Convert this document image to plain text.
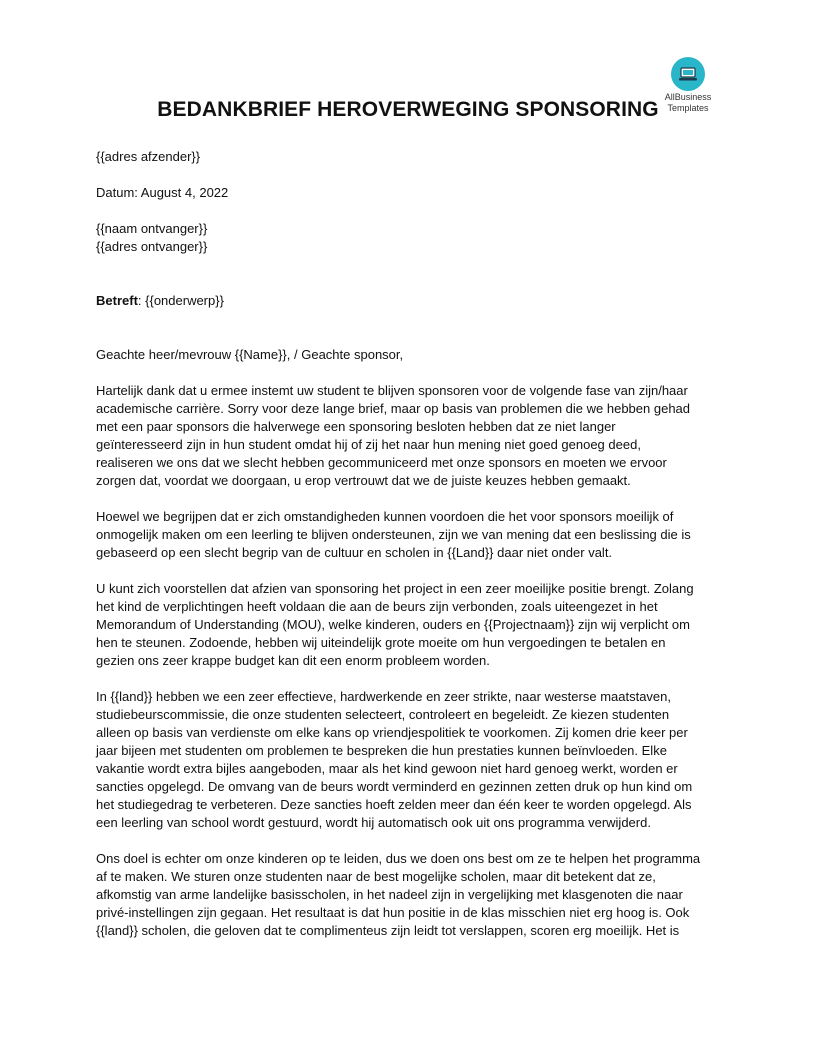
AllBusiness
Templates
BEDANKBRIEF HEROVERWEGING SPONSORING

{{adres afzender}}

Datum: August 4, 2022

{{naam ontvanger}}

{{adres ontvanger}}

Betreft: {{onderwerp}}

Geachte heer/mevrouw {{Name}}, / Geachte sponsor,

Hartelijk dank dat u ermee instemt uw student te blijven sponsoren voor de volgende fase van zijn/haar
academische carrière. Sorry voor deze lange brief, maar op basis van problemen die we hebben gehad
met een paar sponsors die halverwege een sponsoring besloten hebben dat ze niet langer
geïnteresseerd zijn in hun student omdat hij of zij het naar hun mening niet goed genoeg deed,
realiseren we ons dat we slecht hebben gecommuniceerd met onze sponsors en moeten we ervoor
zorgen dat, voordat we doorgaan, u erop vertrouwt dat we de juiste keuzes hebben gemaakt.

Hoewel we begrijpen dat er zich omstandigheden kunnen voordoen die het voor sponsors moeilijk of
onmogelijk maken om een leerling te blijven ondersteunen, zijn we van mening dat een beslissing die is
gebaseerd op een slecht begrip van de cultuur en scholen in {{Land}} daar niet onder valt.

U kunt zich voorstellen dat afzien van sponsoring het project in een zeer moeilijke positie brengt. Zolang
het kind de verplichtingen heeft voldaan die aan de beurs zijn verbonden, zoals uiteengezet in het
Memorandum of Understanding (MOU), welke kinderen, ouders en {{Projectnaam}} zijn wij verplicht om
hen te steunen. Zodoende, hebben wij uiteindelijk grote moeite om hun vergoedingen te betalen en
gezien ons zeer krappe budget kan dit een enorm probleem worden.

In {{land}} hebben we een zeer effectieve, hardwerkende en zeer strikte, naar westerse maatstaven,
studiebeurscommissie, die onze studenten selecteert, controleert en begeleidt. Ze kiezen studenten
alleen op basis van verdienste om elke kans op vriendjespolitiek te voorkomen. Zij komen drie keer per
jaar bijeen met studenten om problemen te bespreken die hun prestaties kunnen beïnvloeden. Elke
vakantie wordt extra bijles aangeboden, maar als het kind gewoon niet hard genoeg werkt, worden er
sancties opgelegd. De omvang van de beurs wordt verminderd en gezinnen zetten druk op hun kind om
het studiegedrag te verbeteren. Deze sancties hoeft zelden meer dan één keer te worden opgelegd. Als
een leerling van school wordt gestuurd, wordt hij automatisch ook uit ons programma verwijderd.

Ons doel is echter om onze kinderen op te leiden, dus we doen ons best om ze te helpen het programma
af te maken. We sturen onze studenten naar de best mogelijke scholen, maar dit betekent dat ze,
afkomstig van arme landelijke basisscholen, in het nadeel zijn in vergelijking met klasgenoten die naar
privé-instellingen zijn gegaan. Het resultaat is dat hun positie in de klas misschien niet erg hoog is. Ook
{{land}} scholen, die geloven dat te complimenteus zijn leidt tot verslappen, scoren erg moeilijk. Het is
